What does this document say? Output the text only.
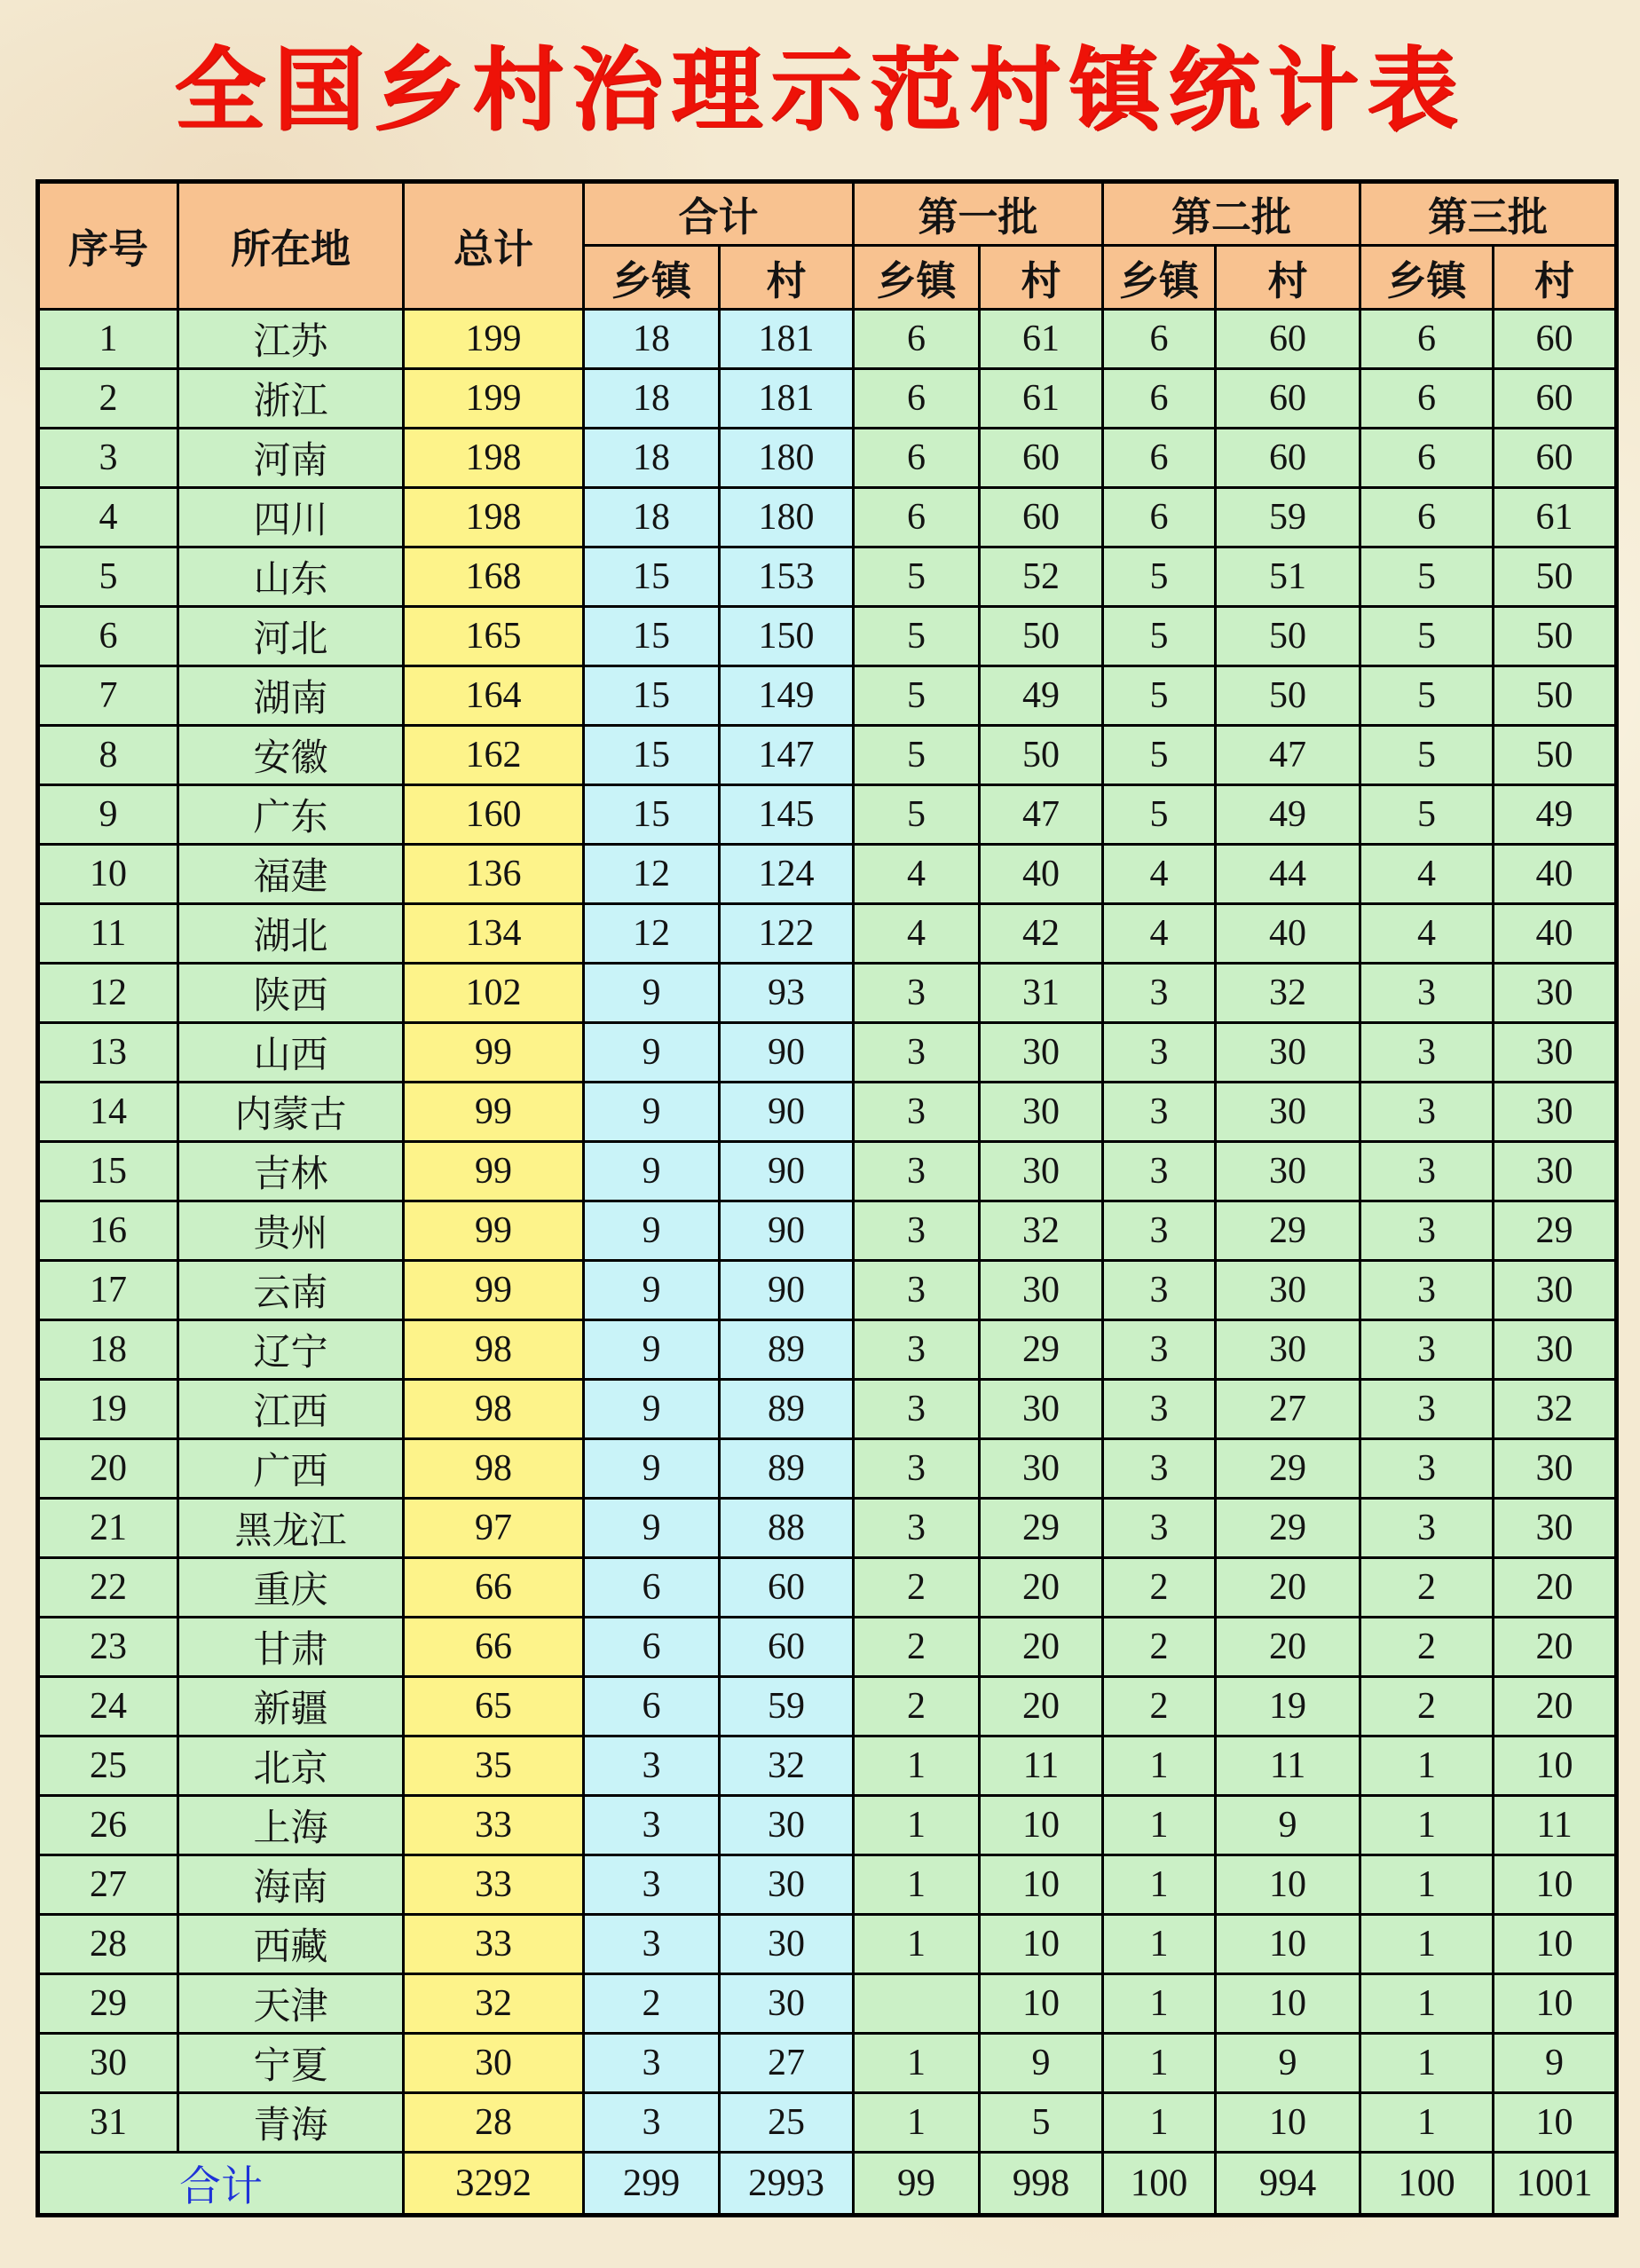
全国乡村治理示范村镇统计表
序号	所在地	总计	合计		第一批		第二批		第三批	
			乡镇	村	乡镇	村	乡镇	村	乡镇	村
1	江苏	199	18	181	6	61	6	60	6	60
2	浙江	199	18	181	6	61	6	60	6	60
3	河南	198	18	180	6	60	6	60	6	60
4	四川	198	18	180	6	60	6	59	6	61
5	山东	168	15	153	5	52	5	51	5	50
6	河北	165	15	150	5	50	5	50	5	50
7	湖南	164	15	149	5	49	5	50	5	50
8	安徽	162	15	147	5	50	5	47	5	50
9	广东	160	15	145	5	47	5	49	5	49
10	福建	136	12	124	4	40	4	44	4	40
11	湖北	134	12	122	4	42	4	40	4	40
12	陕西	102	9	93	3	31	3	32	3	30
13	山西	99	9	90	3	30	3	30	3	30
14	内蒙古	99	9	90	3	30	3	30	3	30
15	吉林	99	9	90	3	30	3	30	3	30
16	贵州	99	9	90	3	32	3	29	3	29
17	云南	99	9	90	3	30	3	30	3	30
18	辽宁	98	9	89	3	29	3	30	3	30
19	江西	98	9	89	3	30	3	27	3	32
20	广西	98	9	89	3	30	3	29	3	30
21	黑龙江	97	9	88	3	29	3	29	3	30
22	重庆	66	6	60	2	20	2	20	2	20
23	甘肃	66	6	60	2	20	2	20	2	20
24	新疆	65	6	59	2	20	2	19	2	20
25	北京	35	3	32	1	11	1	11	1	10
26	上海	33	3	30	1	10	1	9	1	11
27	海南	33	3	30	1	10	1	10	1	10
28	西藏	33	3	30	1	10	1	10	1	10
29	天津	32	2	30		10	1	10	1	10
30	宁夏	30	3	27	1	9	1	9	1	9
31	青海	28	3	25	1	5	1	10	1	10
合计		3292	299	2993	99	998	100	994	100	1001
